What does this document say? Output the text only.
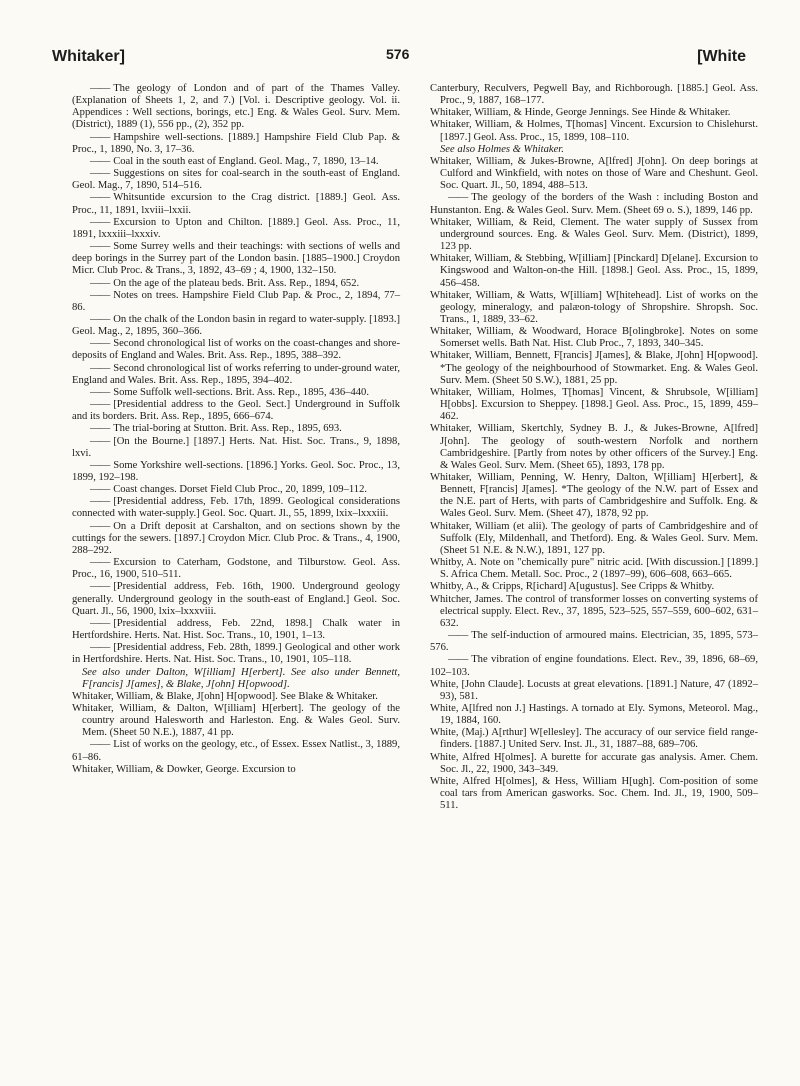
Whitaker]	576	[White

—— The geology of London and of part of the Thames Valley. (Explanation of Sheets 1, 2, and 7.) [Vol. i. Descriptive geology. Vol. ii. Appendices : Well sections, borings, etc.] Eng. & Wales Geol. Surv. Mem. (District), 1889 (1), 556 pp., (2), 352 pp.

—— Hampshire well-sections. [1889.] Hampshire Field Club Pap. & Proc., 1, 1890, No. 3, 17–36.

—— Coal in the south east of England. Geol. Mag., 7, 1890, 13–14.

—— Suggestions on sites for coal-search in the south-east of England. Geol. Mag., 7, 1890, 514–516.

—— Whitsuntide excursion to the Crag district. [1889.] Geol. Ass. Proc., 11, 1891, lxviii–lxxii.

—— Excursion to Upton and Chilton. [1889.] Geol. Ass. Proc., 11, 1891, lxxxiii–lxxxiv.

—— Some Surrey wells and their teachings: with sections of wells and deep borings in the Surrey part of the London basin. [1885–1900.] Croydon Micr. Club Proc. & Trans., 3, 1892, 43–69 ; 4, 1900, 132–150.

—— On the age of the plateau beds. Brit. Ass. Rep., 1894, 652.

—— Notes on trees. Hampshire Field Club Pap. & Proc., 2, 1894, 77–86.

—— On the chalk of the London basin in regard to water-supply. [1893.] Geol. Mag., 2, 1895, 360–366.

—— Second chronological list of works on the coast-changes and shore-deposits of England and Wales. Brit. Ass. Rep., 1895, 388–392.

—— Second chronological list of works referring to under-ground water, England and Wales. Brit. Ass. Rep., 1895, 394–402.

—— Some Suffolk well-sections. Brit. Ass. Rep., 1895, 436–440.

—— [Presidential address to the Geol. Sect.] Underground in Suffolk and its borders. Brit. Ass. Rep., 1895, 666–674.

—— The trial-boring at Stutton. Brit. Ass. Rep., 1895, 693.

—— [On the Bourne.] [1897.] Herts. Nat. Hist. Soc. Trans., 9, 1898, lxvi.

—— Some Yorkshire well-sections. [1896.] Yorks. Geol. Soc. Proc., 13, 1899, 192–198.

—— Coast changes. Dorset Field Club Proc., 20, 1899, 109–112.

—— [Presidential address, Feb. 17th, 1899. Geological considerations connected with water-supply.] Geol. Soc. Quart. Jl., 55, 1899, lxix–lxxxiii.

—— On a Drift deposit at Carshalton, and on sections shown by the cuttings for the sewers. [1897.] Croydon Micr. Club Proc. & Trans., 4, 1900, 288–292.

—— Excursion to Caterham, Godstone, and Tilburstow. Geol. Ass. Proc., 16, 1900, 510–511.

—— [Presidential address, Feb. 16th, 1900. Underground geology generally. Underground geology in the south-east of England.] Geol. Soc. Quart. Jl., 56, 1900, lxix–lxxxviii.

—— [Presidential address, Feb. 22nd, 1898.] Chalk water in Hertfordshire. Herts. Nat. Hist. Soc. Trans., 10, 1901, 1–13.

—— [Presidential address, Feb. 28th, 1899.] Geological and other work in Hertfordshire. Herts. Nat. Hist. Soc. Trans., 10, 1901, 105–118.

See also under Dalton, W[illiam] H[erbert]. See also under Bennett, F[rancis] J[ames], & Blake, J[ohn] H[opwood].

Whitaker, William, & Blake, J[ohn] H[opwood]. See Blake & Whitaker.

Whitaker, William, & Dalton, W[illiam] H[erbert]. The geology of the country around Halesworth and Harleston. Eng. & Wales Geol. Surv. Mem. (Sheet 50 N.E.), 1887, 41 pp.

—— List of works on the geology, etc., of Essex. Essex Natlist., 3, 1889, 61–86.

Whitaker, William, & Dowker, George. Excursion to

Canterbury, Reculvers, Pegwell Bay, and Richborough. [1885.] Geol. Ass. Proc., 9, 1887, 168–177.

Whitaker, William, & Hinde, George Jennings. See Hinde & Whitaker.

Whitaker, William, & Holmes, T[homas] Vincent. Excursion to Chislehurst. [1897.] Geol. Ass. Proc., 15, 1899, 108–110.

See also Holmes & Whitaker.

Whitaker, William, & Jukes-Browne, A[lfred] J[ohn]. On deep borings at Culford and Winkfield, with notes on those of Ware and Cheshunt. Geol. Soc. Quart. Jl., 50, 1894, 488–513.

—— The geology of the borders of the Wash : including Boston and Hunstanton. Eng. & Wales Geol. Surv. Mem. (Sheet 69 o. S.), 1899, 146 pp.

Whitaker, William, & Reid, Clement. The water supply of Sussex from underground sources. Eng. & Wales Geol. Surv. Mem. (District), 1899, 123 pp.

Whitaker, William, & Stebbing, W[illiam] [Pinckard] D[elane]. Excursion to Kingswood and Walton-on-the Hill. [1898.] Geol. Ass. Proc., 15, 1899, 456–458.

Whitaker, William, & Watts, W[illiam] W[hitehead]. List of works on the geology, mineralogy, and palæon-tology of Shropshire. Shropsh. Soc. Trans., 1, 1889, 33–62.

Whitaker, William, & Woodward, Horace B[olingbroke]. Notes on some Somerset wells. Bath Nat. Hist. Club Proc., 7, 1893, 340–345.

Whitaker, William, Bennett, F[rancis] J[ames], & Blake, J[ohn] H[opwood]. *The geology of the neighbourhood of Stowmarket. Eng. & Wales Geol. Surv. Mem. (Sheet 50 S.W.), 1881, 25 pp.

Whitaker, William, Holmes, T[homas] Vincent, & Shrubsole, W[illiam] H[obbs]. Excursion to Sheppey. [1898.] Geol. Ass. Proc., 15, 1899, 459–462.

Whitaker, William, Skertchly, Sydney B. J., & Jukes-Browne, A[lfred] J[ohn]. The geology of south-western Norfolk and northern Cambridgeshire. [Partly from notes by other officers of the Survey.] Eng. & Wales Geol. Surv. Mem. (Sheet 65), 1893, 178 pp.

Whitaker, William, Penning, W. Henry, Dalton, W[illiam] H[erbert], & Bennett, F[rancis] J[ames]. *The geology of the N.W. part of Essex and the N.E. part of Herts, with parts of Cambridgeshire and Suffolk. Eng. & Wales Geol. Surv. Mem. (Sheet 47), 1878, 92 pp.

Whitaker, William (et alii). The geology of parts of Cambridgeshire and of Suffolk (Ely, Mildenhall, and Thetford). Eng. & Wales Geol. Surv. Mem. (Sheet 51 N.E. & N.W.), 1891, 127 pp.

Whitby, A. Note on "chemically pure" nitric acid. [With discussion.] [1899.] S. Africa Chem. Metall. Soc. Proc., 2 (1897–99), 606–608, 663–665.

Whitby, A., & Cripps, R[ichard] A[ugustus]. See Cripps & Whitby.

Whitcher, James. The control of transformer losses on converting systems of electrical supply. Elect. Rev., 37, 1895, 523–525, 557–559, 600–602, 631–632.

—— The self-induction of armoured mains. Electrician, 35, 1895, 573–576.

—— The vibration of engine foundations. Elect. Rev., 39, 1896, 68–69, 102–103.

White, [John Claude]. Locusts at great elevations. [1891.] Nature, 47 (1892–93), 581.

White, A[lfred non J.] Hastings. A tornado at Ely. Symons, Meteorol. Mag., 19, 1884, 160.

White, (Maj.) A[rthur] W[ellesley]. The accuracy of our service field range-finders. [1887.] United Serv. Inst. Jl., 31, 1887–88, 689–706.

White, Alfred H[olmes]. A burette for accurate gas analysis. Amer. Chem. Soc. Jl., 22, 1900, 343–349.

White, Alfred H[olmes], & Hess, William H[ugh]. Com-position of some coal tars from American gasworks. Soc. Chem. Ind. Jl., 19, 1900, 509–511.
